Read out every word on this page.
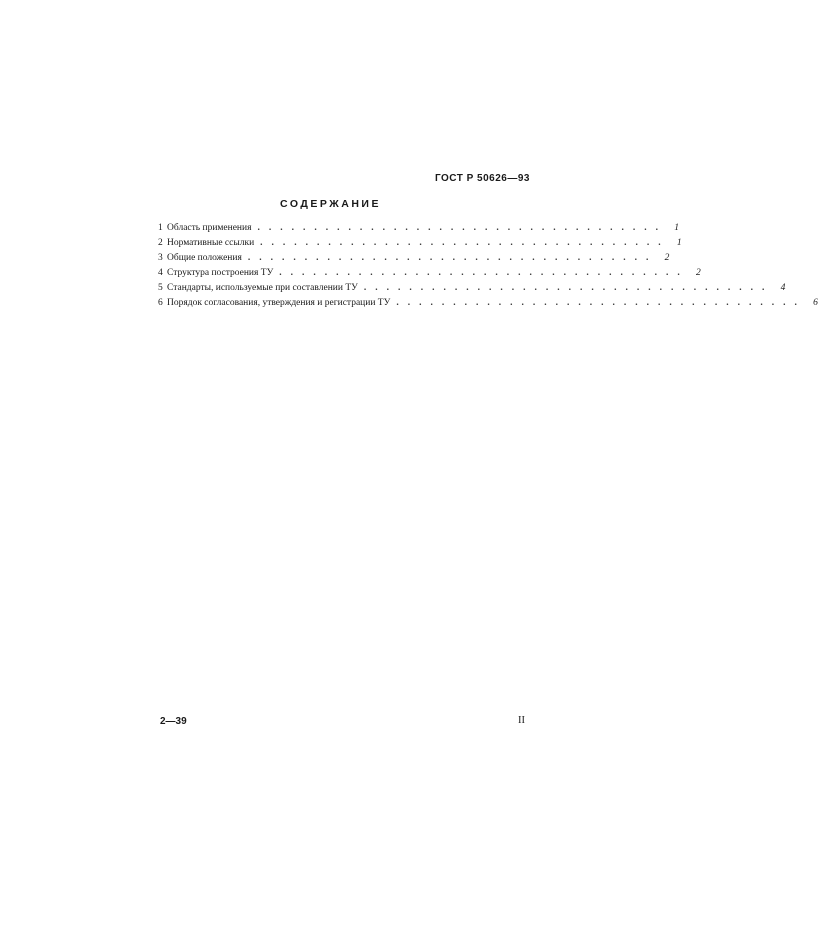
ГОСТ Р 50626—93
СОДЕРЖАНИЕ
1 Область применения .................................... 1
2 Нормативные ссылки .................................... 1
3 Общие положения .................................... 2
4 Структура построения ТУ .................................... 2
5 Стандарты, используемые при составлении ТУ .................................... 4
6 Порядок согласования, утверждения и регистрации ТУ .................................... 6
2—39	II
